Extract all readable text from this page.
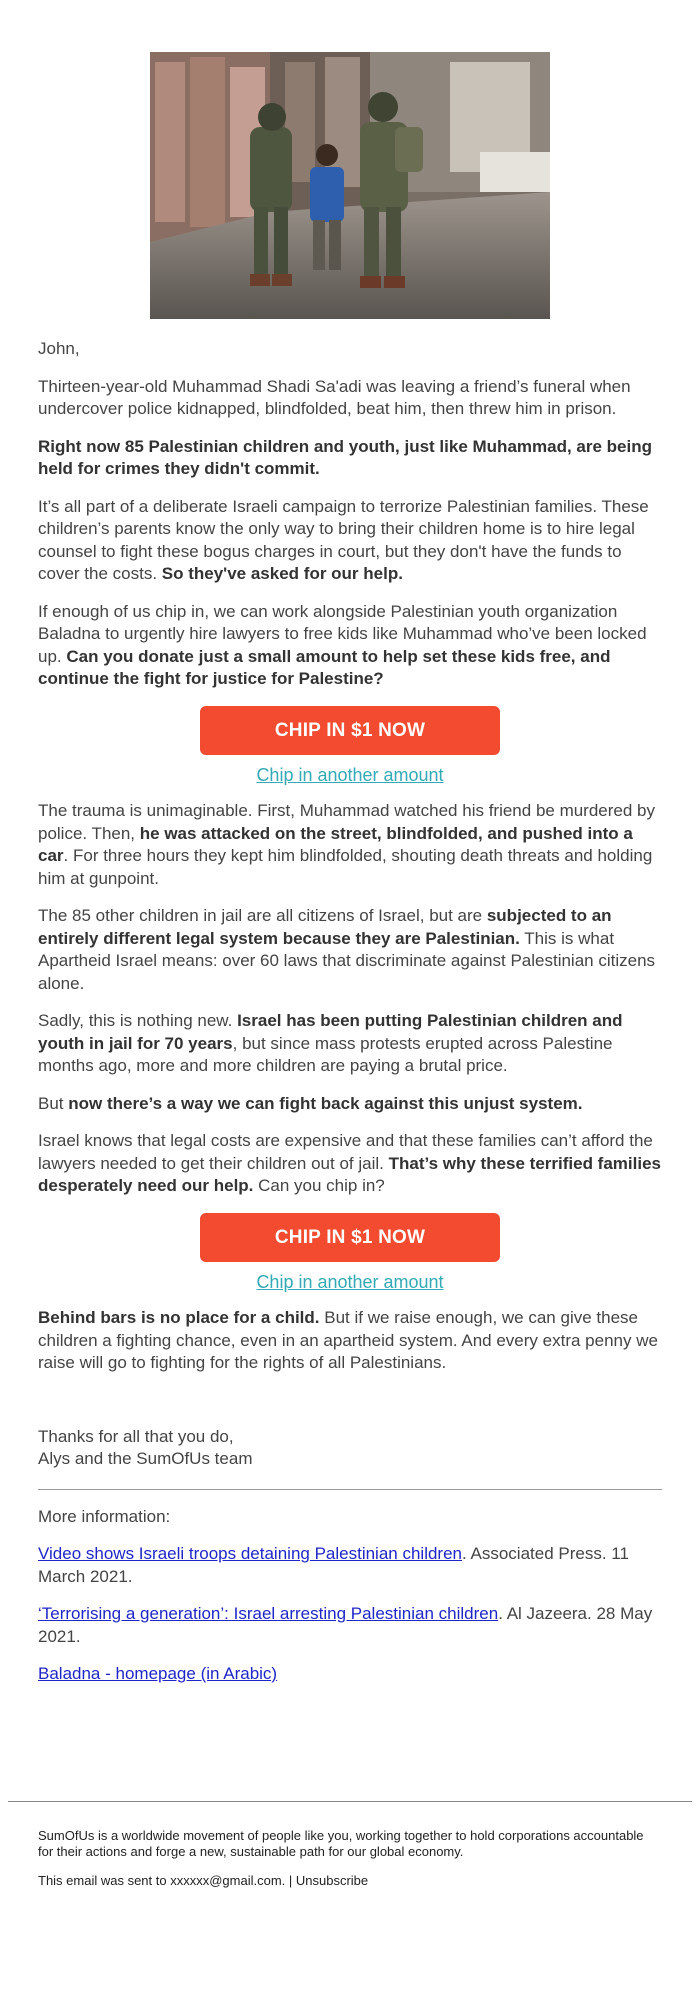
John,

Thirteen-year-old Muhammad Shadi Sa'adi was leaving a friend’s funeral when undercover police kidnapped, blindfolded, beat him, then threw him in prison.

Right now 85 Palestinian children and youth, just like Muhammad, are being held for crimes they didn't commit.

It’s all part of a deliberate Israeli campaign to terrorize Palestinian families. These children’s parents know the only way to bring their children home is to hire legal counsel to fight these bogus charges in court, but they don't have the funds to cover the costs. So they've asked for our help.

If enough of us chip in, we can work alongside Palestinian youth organization Baladna to urgently hire lawyers to free kids like Muhammad who’ve been locked up. Can you donate just a small amount to help set these kids free, and continue the fight for justice for Palestine?

CHIP IN $1 NOW
Chip in another amount

The trauma is unimaginable. First, Muhammad watched his friend be murdered by police. Then, he was attacked on the street, blindfolded, and pushed into a car. For three hours they kept him blindfolded, shouting death threats and holding him at gunpoint.

The 85 other children in jail are all citizens of Israel, but are subjected to an entirely different legal system because they are Palestinian. This is what Apartheid Israel means: over 60 laws that discriminate against Palestinian citizens alone.

Sadly, this is nothing new. Israel has been putting Palestinian children and youth in jail for 70 years, but since mass protests erupted across Palestine months ago, more and more children are paying a brutal price.

But now there’s a way we can fight back against this unjust system.

Israel knows that legal costs are expensive and that these families can’t afford the lawyers needed to get their children out of jail. That’s why these terrified families desperately need our help. Can you chip in?

CHIP IN $1 NOW
Chip in another amount

Behind bars is no place for a child. But if we raise enough, we can give these children a fighting chance, even in an apartheid system. And every extra penny we raise will go to fighting for the rights of all Palestinians.

Thanks for all that you do,
Alys and the SumOfUs team

More information:

Video shows Israeli troops detaining Palestinian children. Associated Press. 11 March 2021.

‘Terrorising a generation’: Israel arresting Palestinian children. Al Jazeera. 28 May 2021.

Baladna - homepage (in Arabic)

SumOfUs is a worldwide movement of people like you, working together to hold corporations accountable for their actions and forge a new, sustainable path for our global economy.

This email was sent to xxxxxx@gmail.com. | Unsubscribe
